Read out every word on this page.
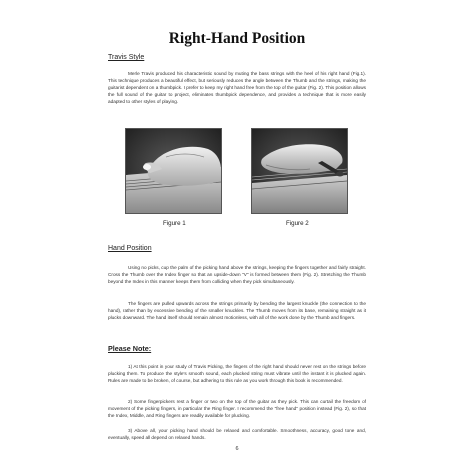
Right-Hand Position
Travis Style

Merle Travis produced his characteristic sound by muting the bass strings with the heel of his right hand (Fig.1). This technique produces a beautiful effect, but seriously reduces the angle between the Thumb and the strings, making the guitarist dependent on a thumbpick. I prefer to keep my right hand free from the top of the guitar (Fig. 2). This position allows the full sound of the guitar to project, eliminates thumbpick dependence, and provides a technique that is more easily adapted to other styles of playing.

Figure 1	Figure 2
Hand Position

Using no picks, cup the palm of the picking hand above the strings, keeping the fingers together and fairly straight. Cross the Thumb over the Index finger so that an upside-down "V" is formed between them (Fig. 2). Stretching the Thumb beyond the Index in this manner keeps them from colliding when they pick simultaneously.

The fingers are pulled upwards across the strings primarily by bending the largest knuckle (the connection to the hand), rather than by excessive bending of the smaller knuckles. The Thumb moves from its base, remaining straight as it plucks downward. The hand itself should remain almost motionless, with all of the work done by the Thumb and fingers.

Please Note:

1) At this point in your study of Travis Picking, the fingers of the right hand should never rest on the strings before plucking them. To produce the style's smooth sound, each plucked string must vibrate until the instant it is plucked again. Rules are made to be broken, of course, but adhering to this rule as you work through this book is recommended.

2) Some fingerpickers rest a finger or two on the top of the guitar as they pick. This can curtail the freedom of movement of the picking fingers, in particular the Ring finger. I recommend the "free hand" position instead (Fig. 2), so that the Index, Middle, and Ring fingers are readily available for plucking.

3) Above all, your picking hand should be relaxed and comfortable. Smoothness, accuracy, good tone and, eventually, speed all depend on relaxed hands.

6
